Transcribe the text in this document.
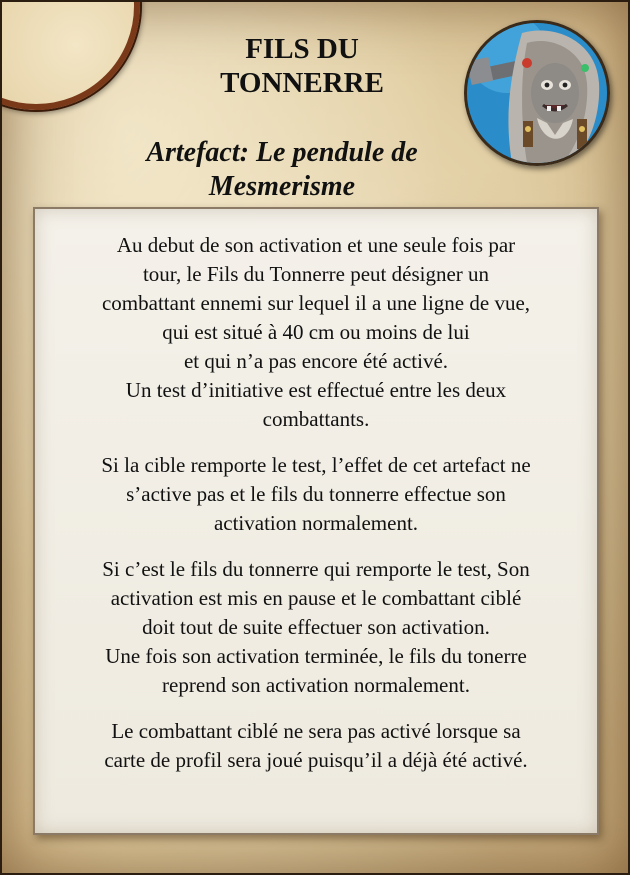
FILS DU
TONNERRE
Artefact: Le pendule de
Mesmerisme

Au debut de son activation et une seule fois par
tour, le Fils du Tonnerre peut désigner un
combattant ennemi sur lequel il a une ligne de vue,
qui est situé à 40 cm ou moins de lui
et qui n’a pas encore été activé.
Un test d’initiative est effectué entre les deux
combattants.

Si la cible remporte le test, l’effet de cet artefact ne
s’active pas et le fils du tonnerre effectue son
activation normalement.

Si c’est le fils du tonnerre qui remporte le test, Son
activation est mis en pause et le combattant ciblé
doit tout de suite effectuer son activation.
Une fois son activation terminée, le fils du tonerre
reprend son activation normalement.

Le combattant ciblé ne sera pas activé lorsque sa
carte de profil sera joué puisqu’il a déjà été activé.
